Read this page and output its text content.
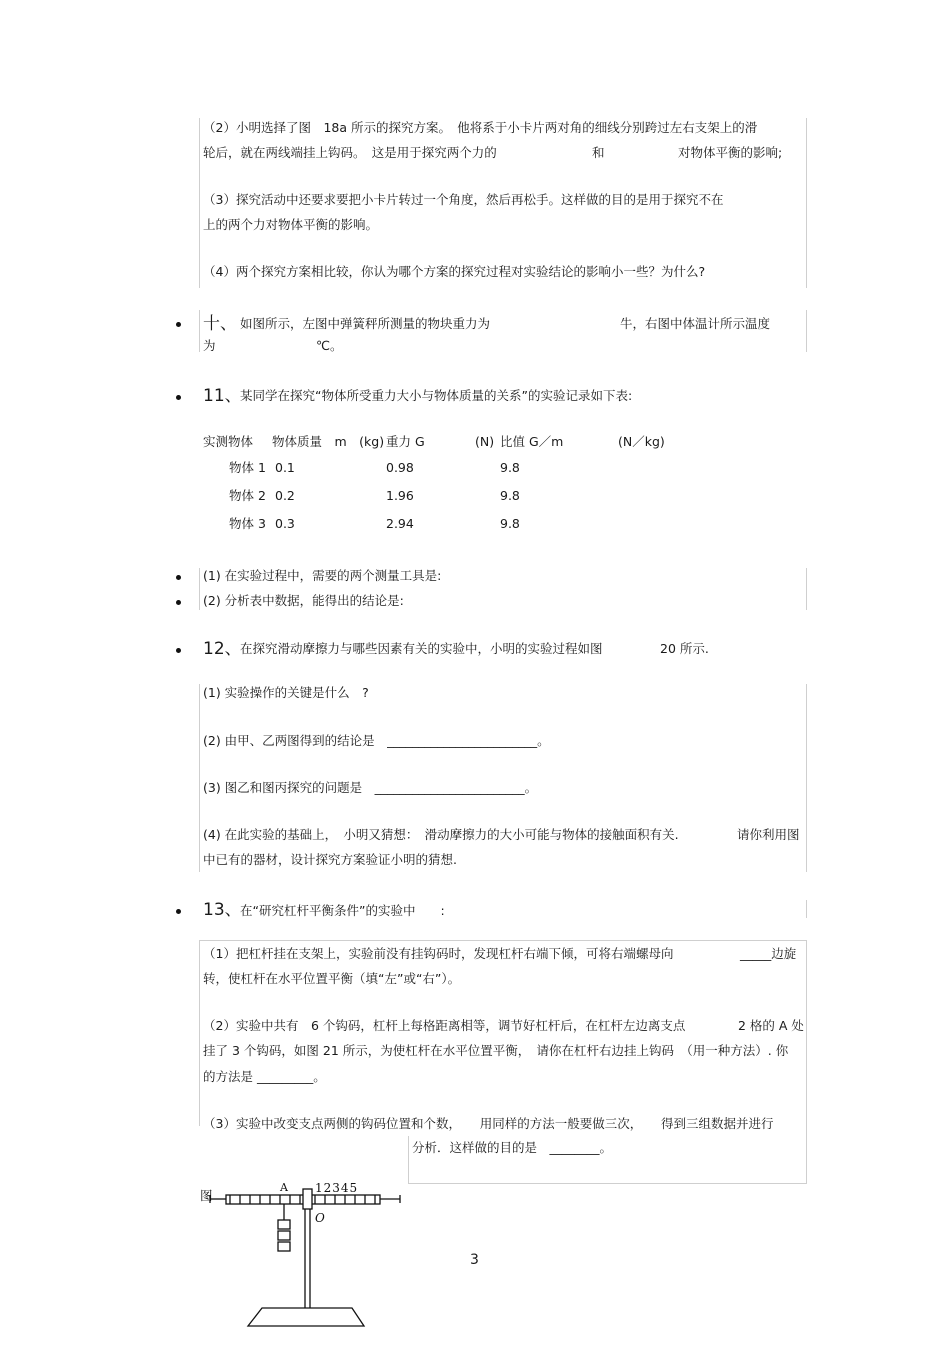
（2）小明选择了图　18a 所示的探究方案。　他将系于小卡片两对角的细线分别跨过左右支架上的滑
轮后，就在两线端挂上钩码。　这是用于探究两个力的	和	对物体平衡的影响;
（3）探究活动中还要求要把小卡片转过一个角度，然后再松手。这样做的目的是用于探究不在
上的两个力对物体平衡的影响。
（4）两个探究方案相比较，你认为哪个方案的探究过程对实验结论的影响小一些？为什么?
十、 如图所示，左图中弹簧秤所测量的物块重力为	牛，右图中体温计所示温度
为	℃。
11、
某同学在探究“物体所受重力大小与物体质量的关系”的实验记录如下表:
实测物体 物体质量　m　(kg) 重力 G	(N) 比值 G／m	(N／kg)
物体 1 0.1	0.98	9.8
物体 2 0.2	1.96	9.8
物体 3 0.3	2.94	9.8
(1) 在实验过程中，需要的两个测量工具是:
(2) 分析表中数据，能得出的结论是:
12、
在探究滑动摩擦力与哪些因素有关的实验中，小明的实验过程如图	20 所示.
(1) 实验操作的关键是什么　?
(2) 由甲、乙两图得到的结论是　________________________。
(3) 图乙和图丙探究的问题是　________________________。
(4) 在此实验的基础上，　小明又猜想：　滑动摩擦力的大小可能与物体的接触面积有关.	请你利用图
中已有的器材，设计探究方案验证小明的猜想.
13、
在“研究杠杆平衡条件”的实验中　　:
（1）把杠杆挂在支架上，实验前没有挂钩码时，发现杠杆右端下倾，可将右端螺母向	_____边旋
转，使杠杆在水平位置平衡（填“左”或“右”）。
（2）实验中共有　6 个钩码，杠杆上每格距离相等，调节好杠杆后，在杠杆左边离支点	2 格的 A 处
挂了 3 个钩码，如图 21 所示，为使杠杆在水平位置平衡，　请你在杠杆右边挂上钩码　（用一种方法）. 你
的方法是 _________。
（3）实验中改变支点两侧的钩码位置和个数，　　用同样的方法一般要做三次，　　得到三组数据并进行
分析．这样做的目的是　________。
图
A 12345
O
3
